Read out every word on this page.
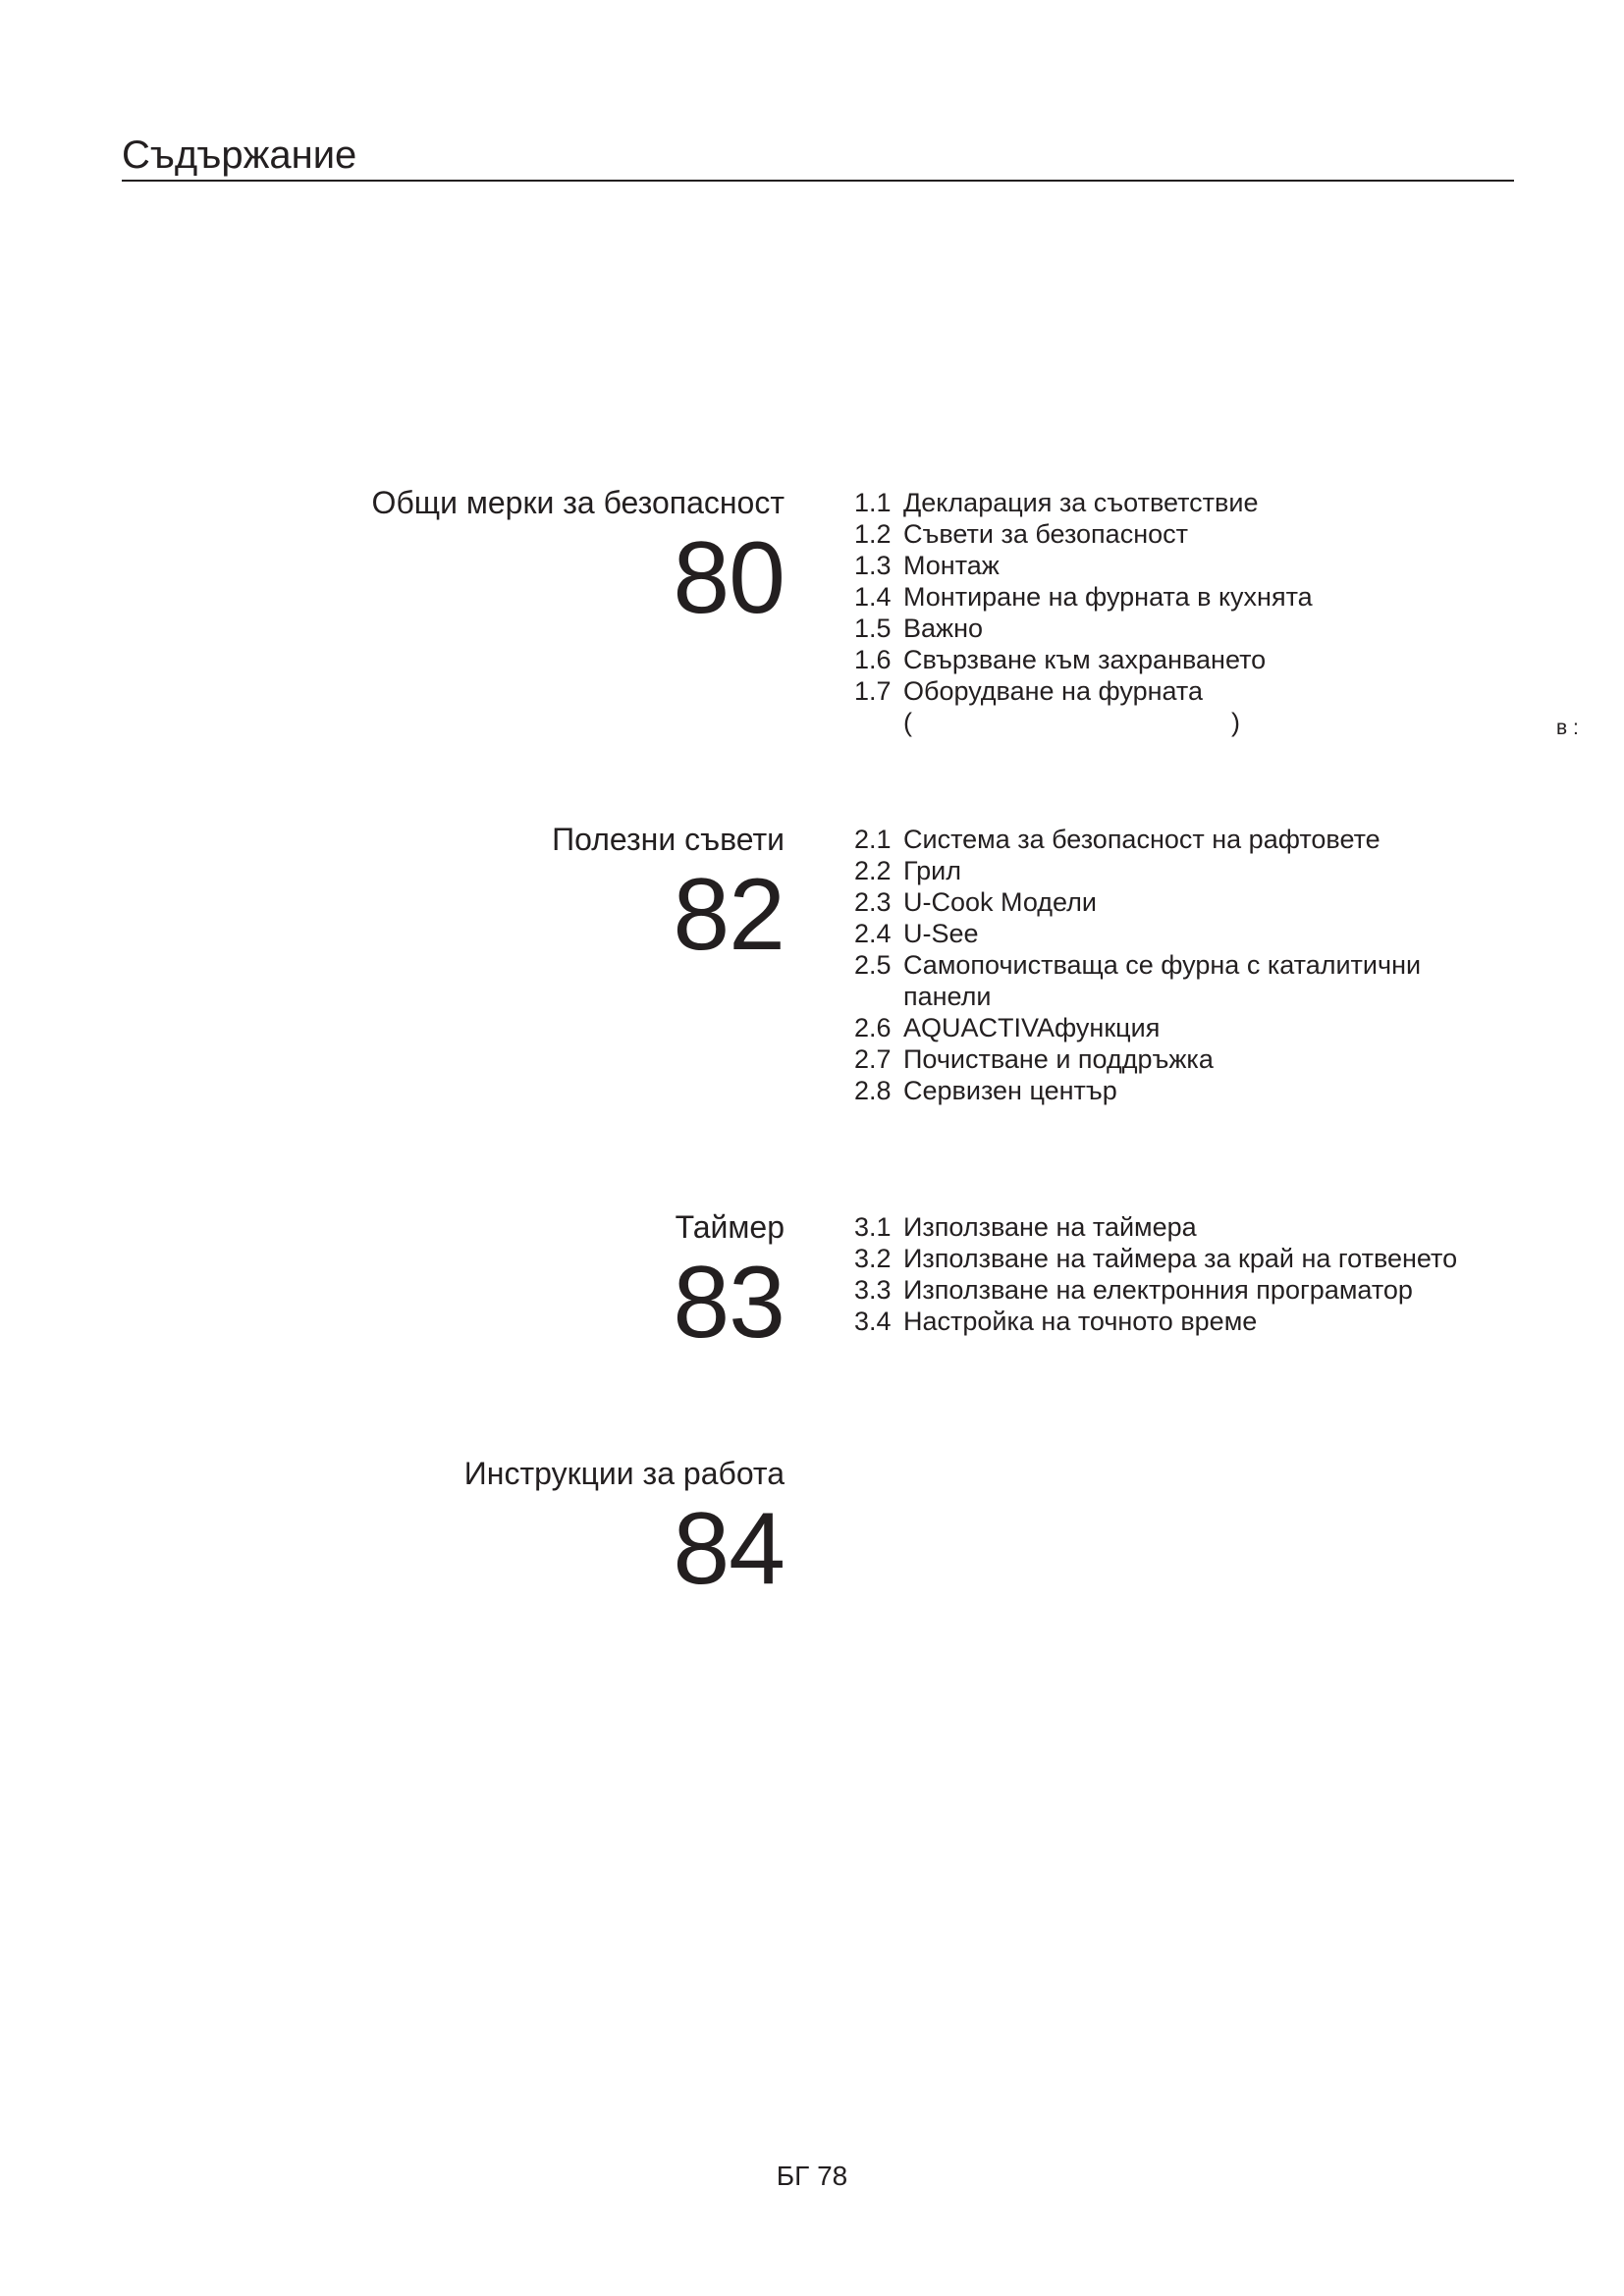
Съдържание
Общи мерки за безопасност
80
1.1 Декларация за съответствие
1.2 Съвети за безопасност
1.3 Монтаж
1.4 Монтиране на фурната в кухнята
1.5 Важно
1.6 Свързване към захранването
1.7 Оборудване на фурната
(	)	в :
Полезни съвети
82
2.1 Система за безопасност на рафтовете
2.2 Грил
2.3 U-Cook Модели
2.4 U-See
2.5 Самопочистваща се фурна с каталитични
панели
2.6 AQUACTIVAфункция
2.7 Почистване и поддръжка
2.8 Сервизен център
Таймер
83
3.1 Използване на таймера
3.2 Използване на таймера за край на готвенето
3.3 Използване на електронния програматор
3.4 Настройка на точното време
Инструкции за работа
84
БГ 78
